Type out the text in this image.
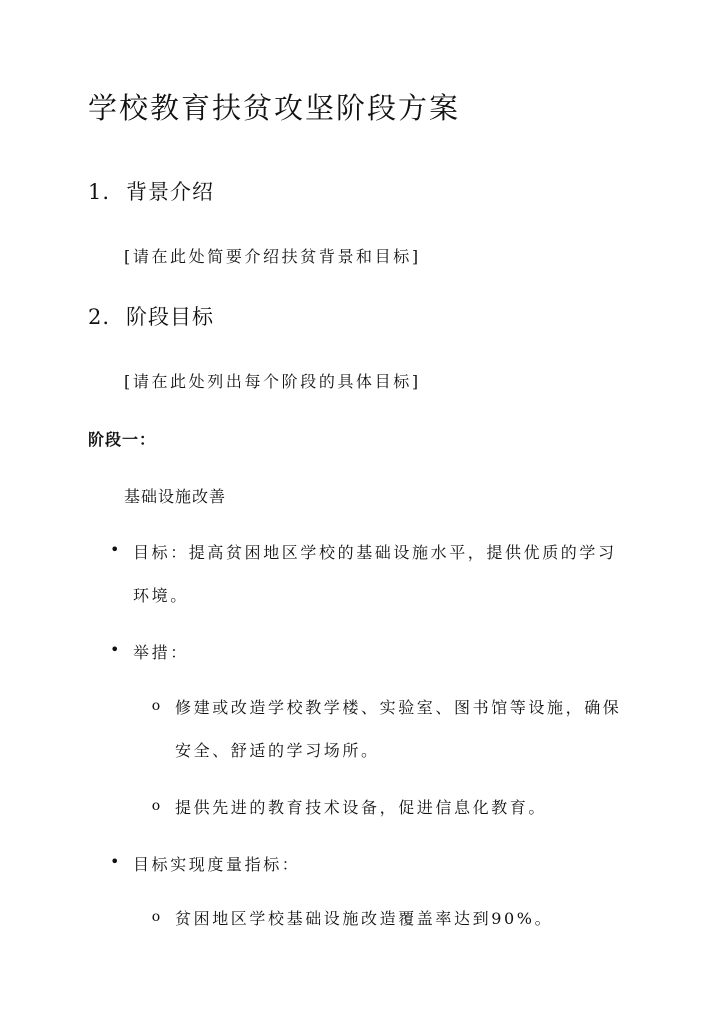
学校教育扶贫攻坚阶段方案
1. 背景介绍

[请在此处简要介绍扶贫背景和目标]

2. 阶段目标

[请在此处列出每个阶段的具体目标]

阶段一：

基础设施改善

• 目标：提高贫困地区学校的基础设施水平，提供优质的学习

环境。

• 举措：

o 修建或改造学校教学楼、实验室、图书馆等设施，确保

安全、舒适的学习场所。

o 提供先进的教育技术设备，促进信息化教育。

• 目标实现度量指标：

o 贫困地区学校基础设施改造覆盖率达到90%。
